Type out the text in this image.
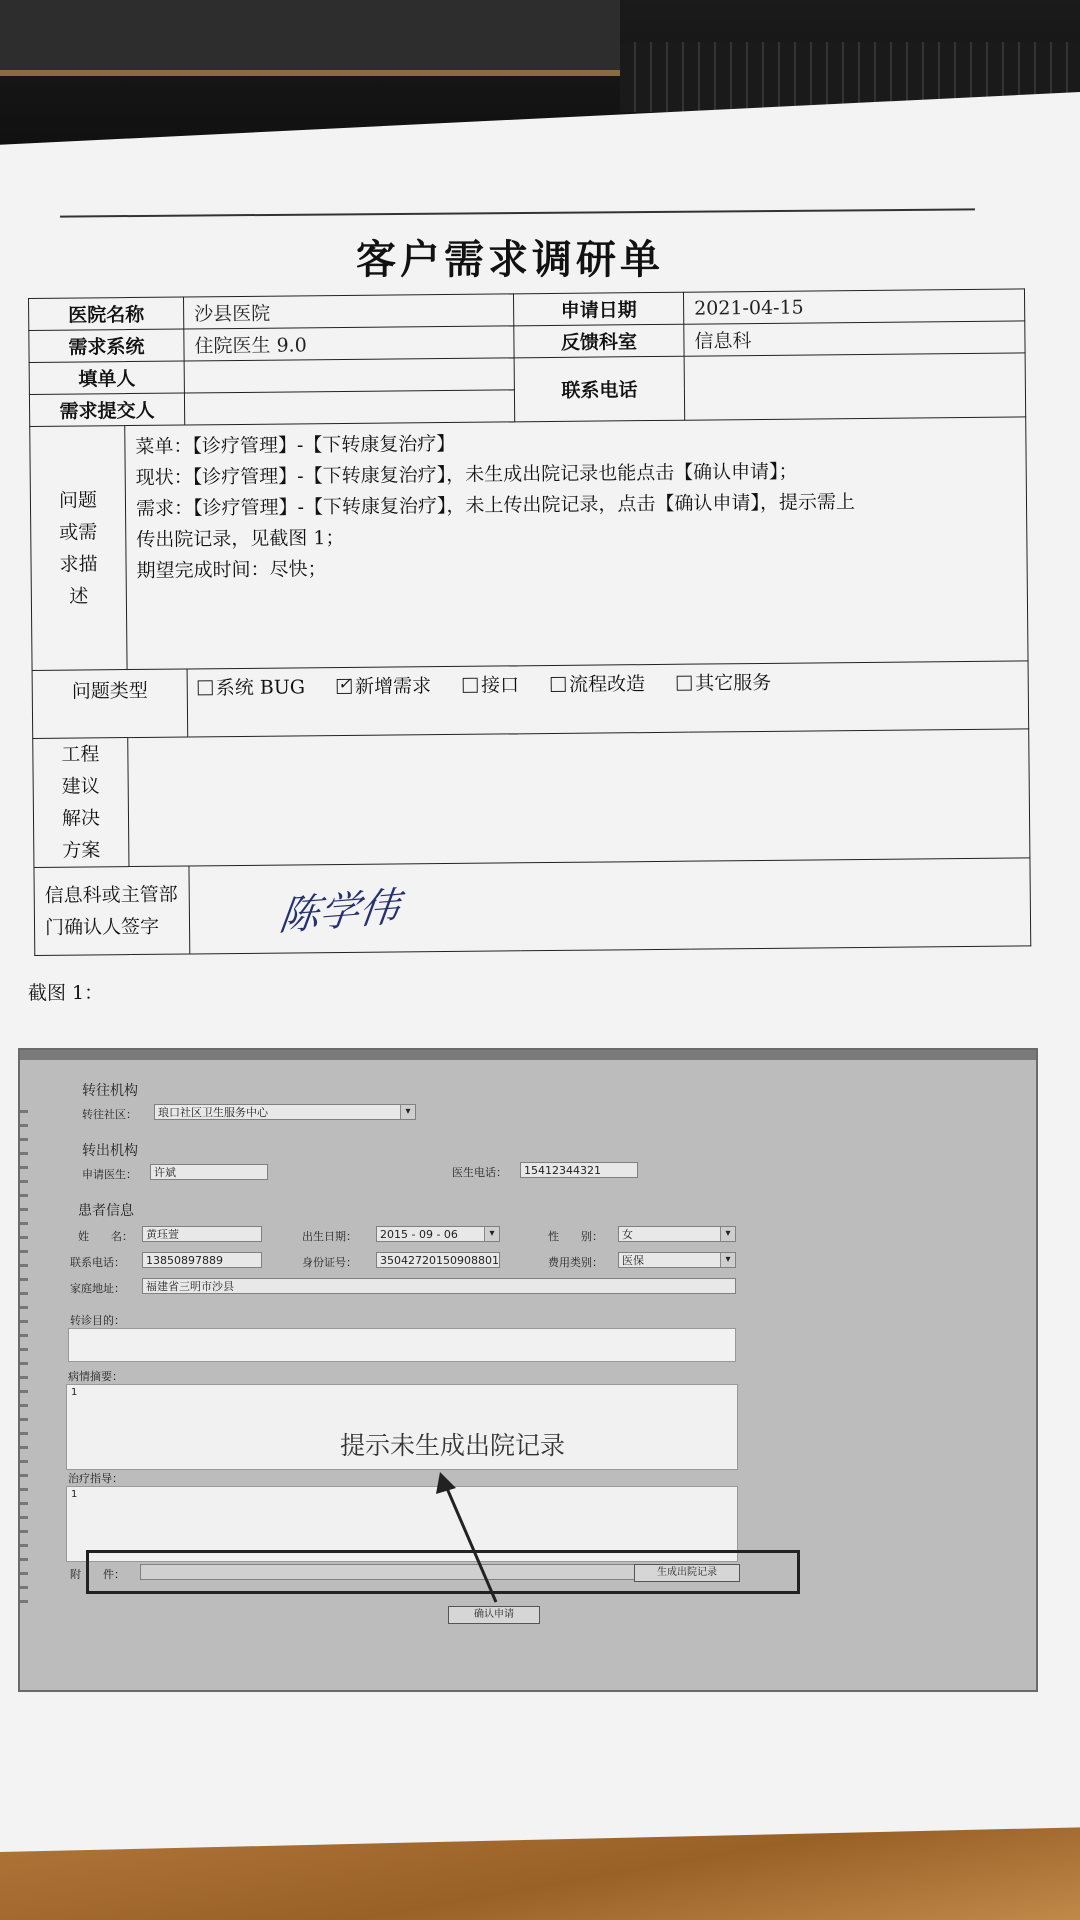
客户需求调研单
医院名称		沙县医院	申请日期	2021-04-15
需求系统		住院医生 9.0	反馈科室	信息科
填单人			联系电话	
需求提交人				
问题或需求描述	菜单：【诊疗管理】-【下转康复治疗】
现状：【诊疗管理】-【下转康复治疗】，未生成出院记录也能点击【确认申请】；
需求：【诊疗管理】-【下转康复治疗】，未上传出院记录，点击【确认申请】，提示需上
传出院记录，见截图 1；
期望完成时间：尽快；			

问题类型		系统 BUG ✓ 新增需求 接口 流程改造 其它服务
工程建议解决方案				
信息科或主管部门确认人签字		陈学伟		
截图 1：
转往机构
转往社区：	琅口社区卫生服务中心 ▾
转出机构
申请医生：	许斌	医生电话：	15412344321
患者信息
姓　　名：	黄珏萱	出生日期：	2015 - 09 - 06 ▾	性　　别：	女 ▾
联系电话：	13850897889	身份证号：	35042720150908801	费用类别：	医保 ▾
家庭地址：	福建省三明市沙县
转诊目的：
病情摘要：
1
提示未生成出院记录
治疗指导：
1
附　　件：	生成出院记录
确认申请
